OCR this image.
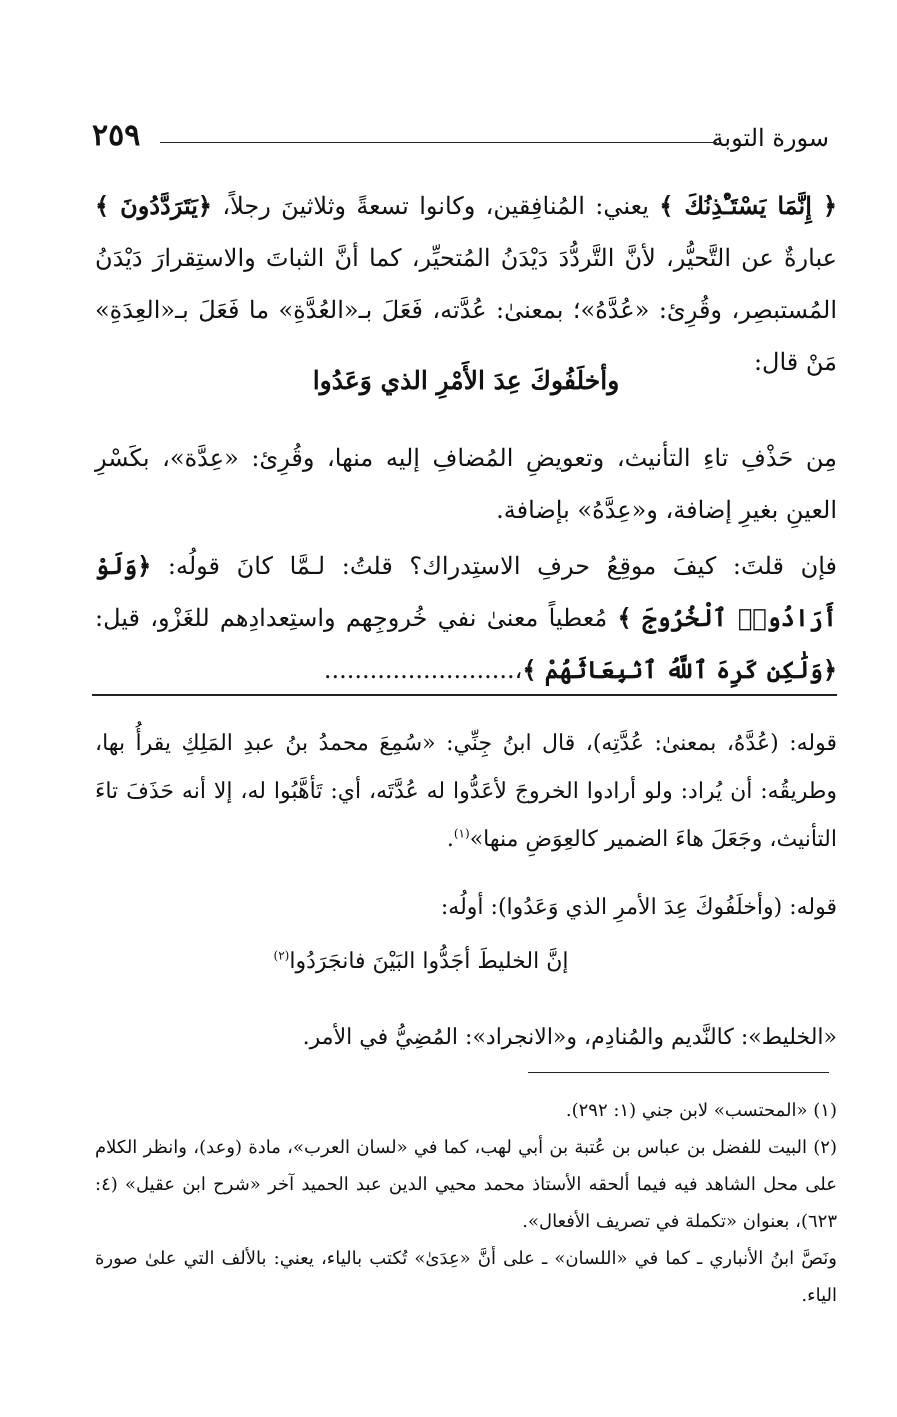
سورة التوبة
٢٥٩

﴿ إِنَّمَا يَسْتَـْٔذِنُكَ ﴾ يعني: المُنافِقين، وكانوا تسعةً وثلاثينَ رجلاً، ﴿يَتَرَدَّدُونَ ﴾ عبارةٌ عن التَّحيُّر، لأنَّ التَّردُّدَ دَيْدَنُ المُتحيِّر، كما أنَّ الثباتَ والاستِقرارَ دَيْدَنُ المُستبصِر، وقُرِئ: «عُدَّهُ»؛ بمعنىٰ: عُدَّته، فَعَلَ بـ«العُدَّةِ» ما فَعَلَ بـ«العِدَةِ» مَنْ قال:

وأخلَفُوكَ عِدَ الأَمْرِ الذي وَعَدُوا

مِن حَذْفِ تاءِ التأنيث، وتعويضِ المُضافِ إليه منها، وقُرِئ: «عِدَّة»، بكَسْرِ العينِ بغيرِ إضافة، و«عِدَّهُ» بإضافة.

فإن قلتَ: كيفَ موقِعُ حرفِ الاستِدراك؟ قلتُ: لـمَّا كانَ قولُه: ﴿وَلَوْ أَرَادُوا۟ ٱلْخُرُوجَ ﴾ مُعطياً معنىٰ نفي خُروجِهم واستِعدادِهم للغَزْو، قيل: ﴿وَلَٰكِن كَرِهَ ٱللَّهُ ٱنۢبِعَاثَهُمْ ﴾،.........................

قوله: (عُدَّهُ، بمعنىٰ: عُدَّتِه)، قال ابنُ جِنِّي: «سُمِعَ محمدُ بنُ عبدِ المَلِكِ يقرأُ بها، وطريقُه: أن يُراد: ولو أرادوا الخروجَ لأعَدُّوا له عُدَّتَه، أي: تَأهَّبُوا له، إلا أنه حَذَفَ تاءَ التأنيث، وجَعَلَ هاءَ الضمير كالعِوَضِ منها»$^{(١)}$.

قوله: (وأخلَفُوكَ عِدَ الأمرِ الذي وَعَدُوا): أولُه:

إنَّ الخليطَ أجَدُّوا البَيْنَ فانجَرَدُوا$^{(٢)}$

«الخليط»: كالنَّديم والمُنادِم، و«الانجراد»: المُضِيُّ في الأمر.

(١) «المحتسب» لابن جني (١: ٢٩٢).

(٢) البيت للفضل بن عباس بن عُتبة بن أبي لهب، كما في «لسان العرب»، مادة (وعد)، وانظر الكلام على محل الشاهد فيه فيما ألحقه الأستاذ محمد محيي الدين عبد الحميد آخر «شرح ابن عقيل» (٤: ٦٢٣)، بعنوان «تكملة في تصريف الأفعال».

ونَصَّ ابنُ الأنباري ـ كما في «اللسان» ـ على أنَّ «عِدَىٰ» تُكتب بالياء، يعني: بالألف التي علىٰ صورة الياء.
